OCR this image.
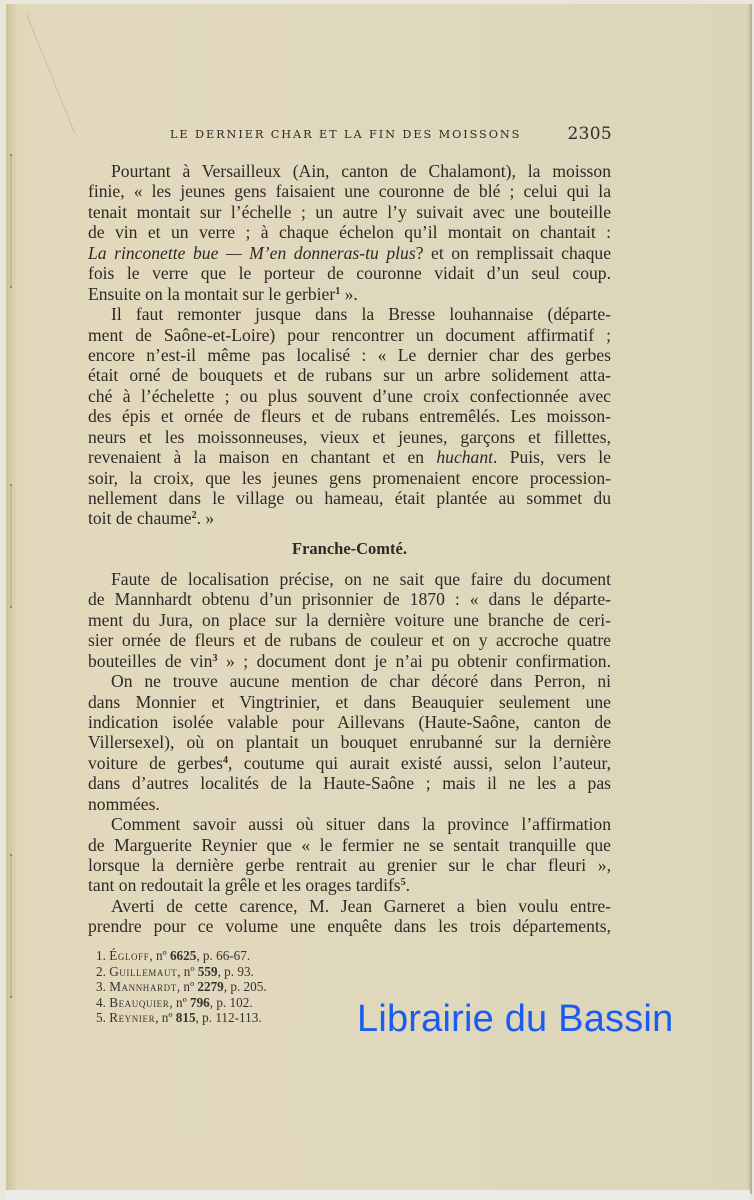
LE DERNIER CHAR ET LA FIN DES MOISSONS	2305
Pourtant à Versailleux (Ain, canton de Chalamont), la moisson
finie, « les jeunes gens faisaient une couronne de blé ; celui qui la
tenait montait sur l’échelle ; un autre l’y suivait avec une bouteille
de vin et un verre ; à chaque échelon qu’il montait on chantait :
La rinconette bue — M’en donneras-tu plus? et on remplissait chaque
fois le verre que le porteur de couronne vidait d’un seul coup.
Ensuite on la montait sur le gerbier$^1$ ».
Il faut remonter jusque dans la Bresse louhannaise (départe-
ment de Saône-et-Loire) pour rencontrer un document affirmatif ;
encore n’est-il même pas localisé : « Le dernier char des gerbes
était orné de bouquets et de rubans sur un arbre solidement atta-
ché à l’échelette ; ou plus souvent d’une croix confectionnée avec
des épis et ornée de fleurs et de rubans entremêlés. Les moisson-
neurs et les moissonneuses, vieux et jeunes, garçons et fillettes,
revenaient à la maison en chantant et en huchant. Puis, vers le
soir, la croix, que les jeunes gens promenaient encore procession-
nellement dans le village ou hameau, était plantée au sommet du
toit de chaume$^2$. »
Franche-Comté.
Faute de localisation précise, on ne sait que faire du document
de Mannhardt obtenu d’un prisonnier de 1870 : « dans le départe-
ment du Jura, on place sur la dernière voiture une branche de ceri-
sier ornée de fleurs et de rubans de couleur et on y accroche quatre
bouteilles de vin$^3$ » ; document dont je n’ai pu obtenir confirmation.
On ne trouve aucune mention de char décoré dans Perron, ni
dans Monnier et Vingtrinier, et dans Beauquier seulement une
indication isolée valable pour Aillevans (Haute-Saône, canton de
Villersexel), où on plantait un bouquet enrubanné sur la dernière
voiture de gerbes$^4$, coutume qui aurait existé aussi, selon l’auteur,
dans d’autres localités de la Haute-Saône ; mais il ne les a pas
nommées.
Comment savoir aussi où situer dans la province l’affirmation
de Marguerite Reynier que « le fermier ne se sentait tranquille que
lorsque la dernière gerbe rentrait au grenier sur le char fleuri »,
tant on redoutait la grêle et les orages tardifs$^5$.
Averti de cette carence, M. Jean Garneret a bien voulu entre-
prendre pour ce volume une enquête dans les trois départements,
1. Égloff, nº 6625, p. 66-67.
2. Guillemaut, nº 559, p. 93.
3. Mannhardt, nº 2279, p. 205.
4. Beauquier, nº 796, p. 102.
5. Reynier, nº 815, p. 112-113.	Librairie du Bassin
